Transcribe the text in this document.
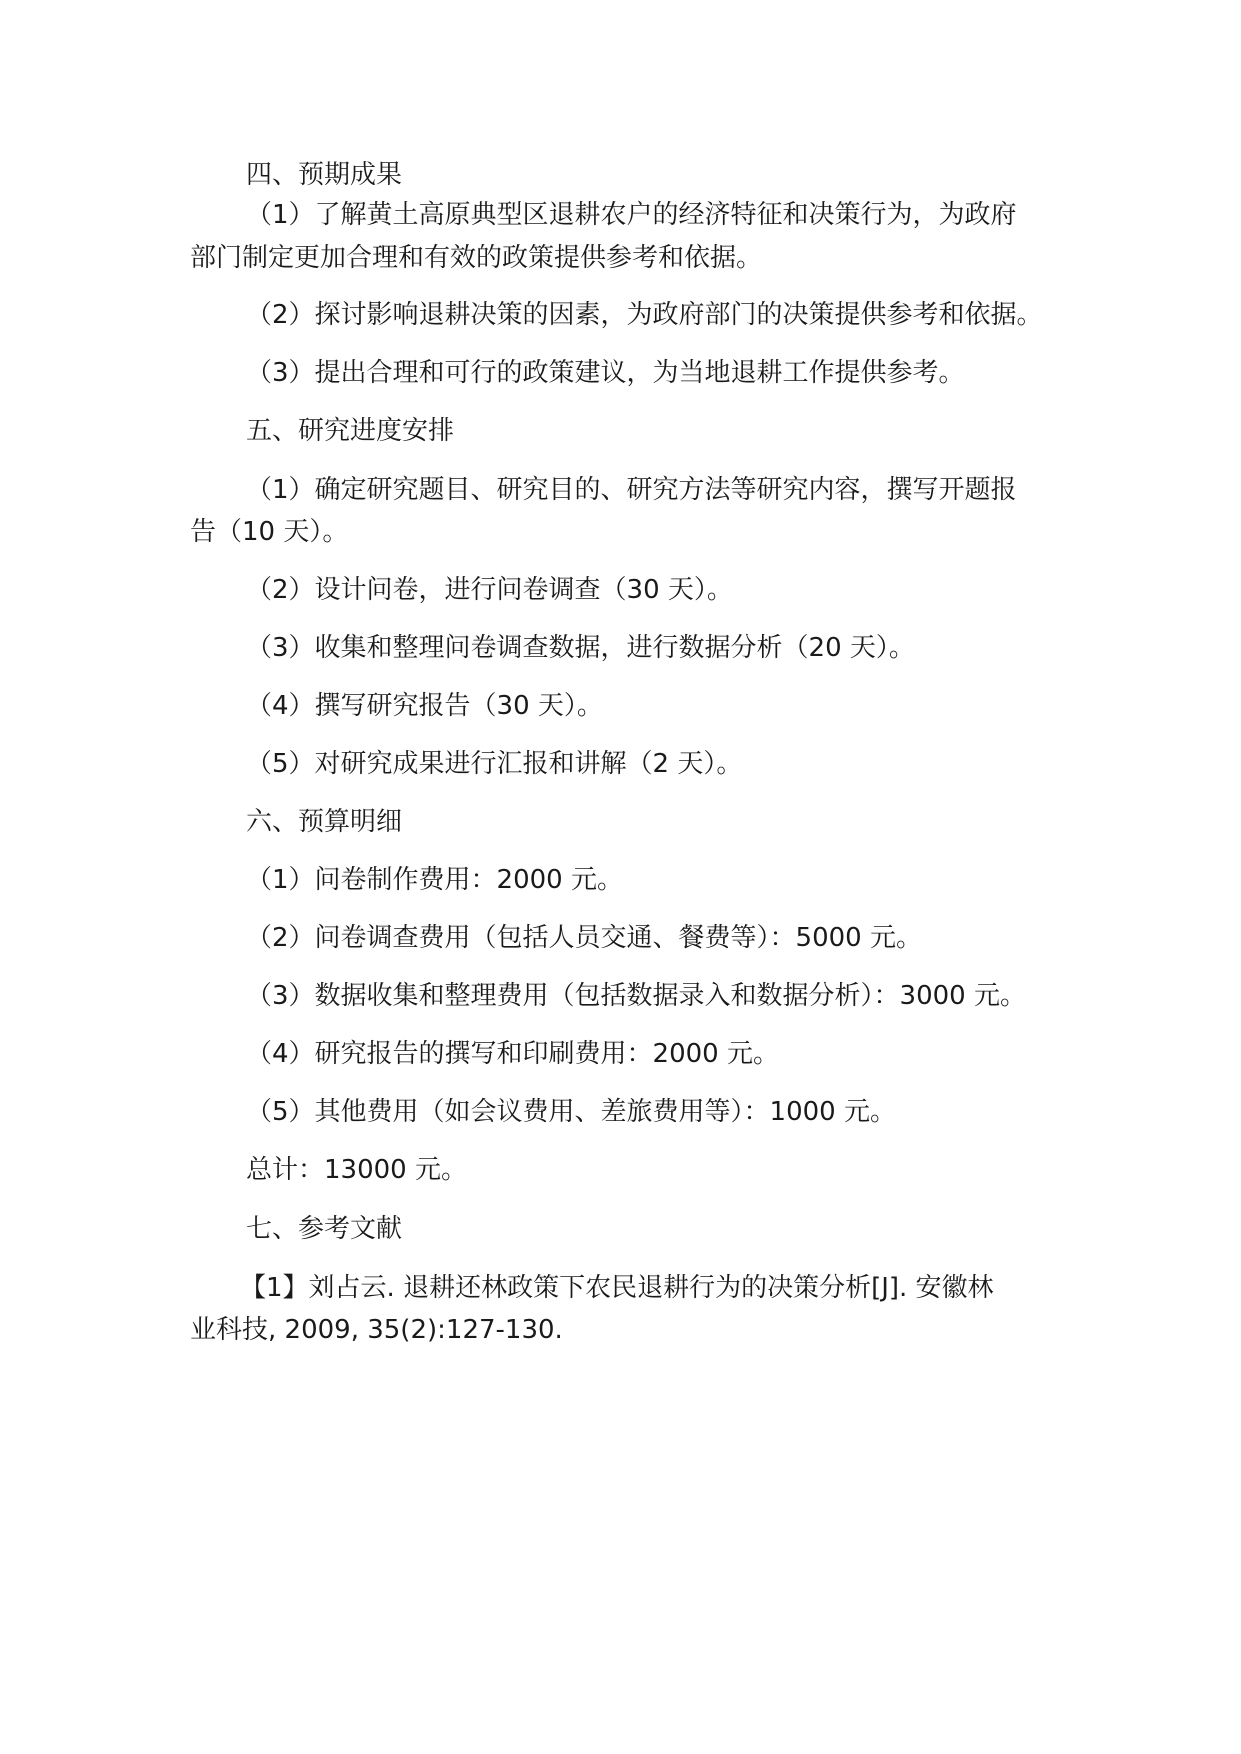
四、预期成果

（1）了解黄土高原典型区退耕农户的经济特征和决策行为，为政府

部门制定更加合理和有效的政策提供参考和依据。

（2）探讨影响退耕决策的因素，为政府部门的决策提供参考和依据。

（3）提出合理和可行的政策建议，为当地退耕工作提供参考。

五、研究进度安排

（1）确定研究题目、研究目的、研究方法等研究内容，撰写开题报

告（10 天）。

（2）设计问卷，进行问卷调查（30 天）。

（3）收集和整理问卷调查数据，进行数据分析（20 天）。

（4）撰写研究报告（30 天）。

（5）对研究成果进行汇报和讲解（2 天）。

六、预算明细

（1）问卷制作费用：2000 元。

（2）问卷调查费用（包括人员交通、餐费等）：5000 元。

（3）数据收集和整理费用（包括数据录入和数据分析）：3000 元。

（4）研究报告的撰写和印刷费用：2000 元。

（5）其他费用（如会议费用、差旅费用等）：1000 元。

总计：13000 元。

七、参考文献

【1】刘占云. 退耕还林政策下农民退耕行为的决策分析[J]. 安徽林

业科技, 2009, 35(2):127-130.
